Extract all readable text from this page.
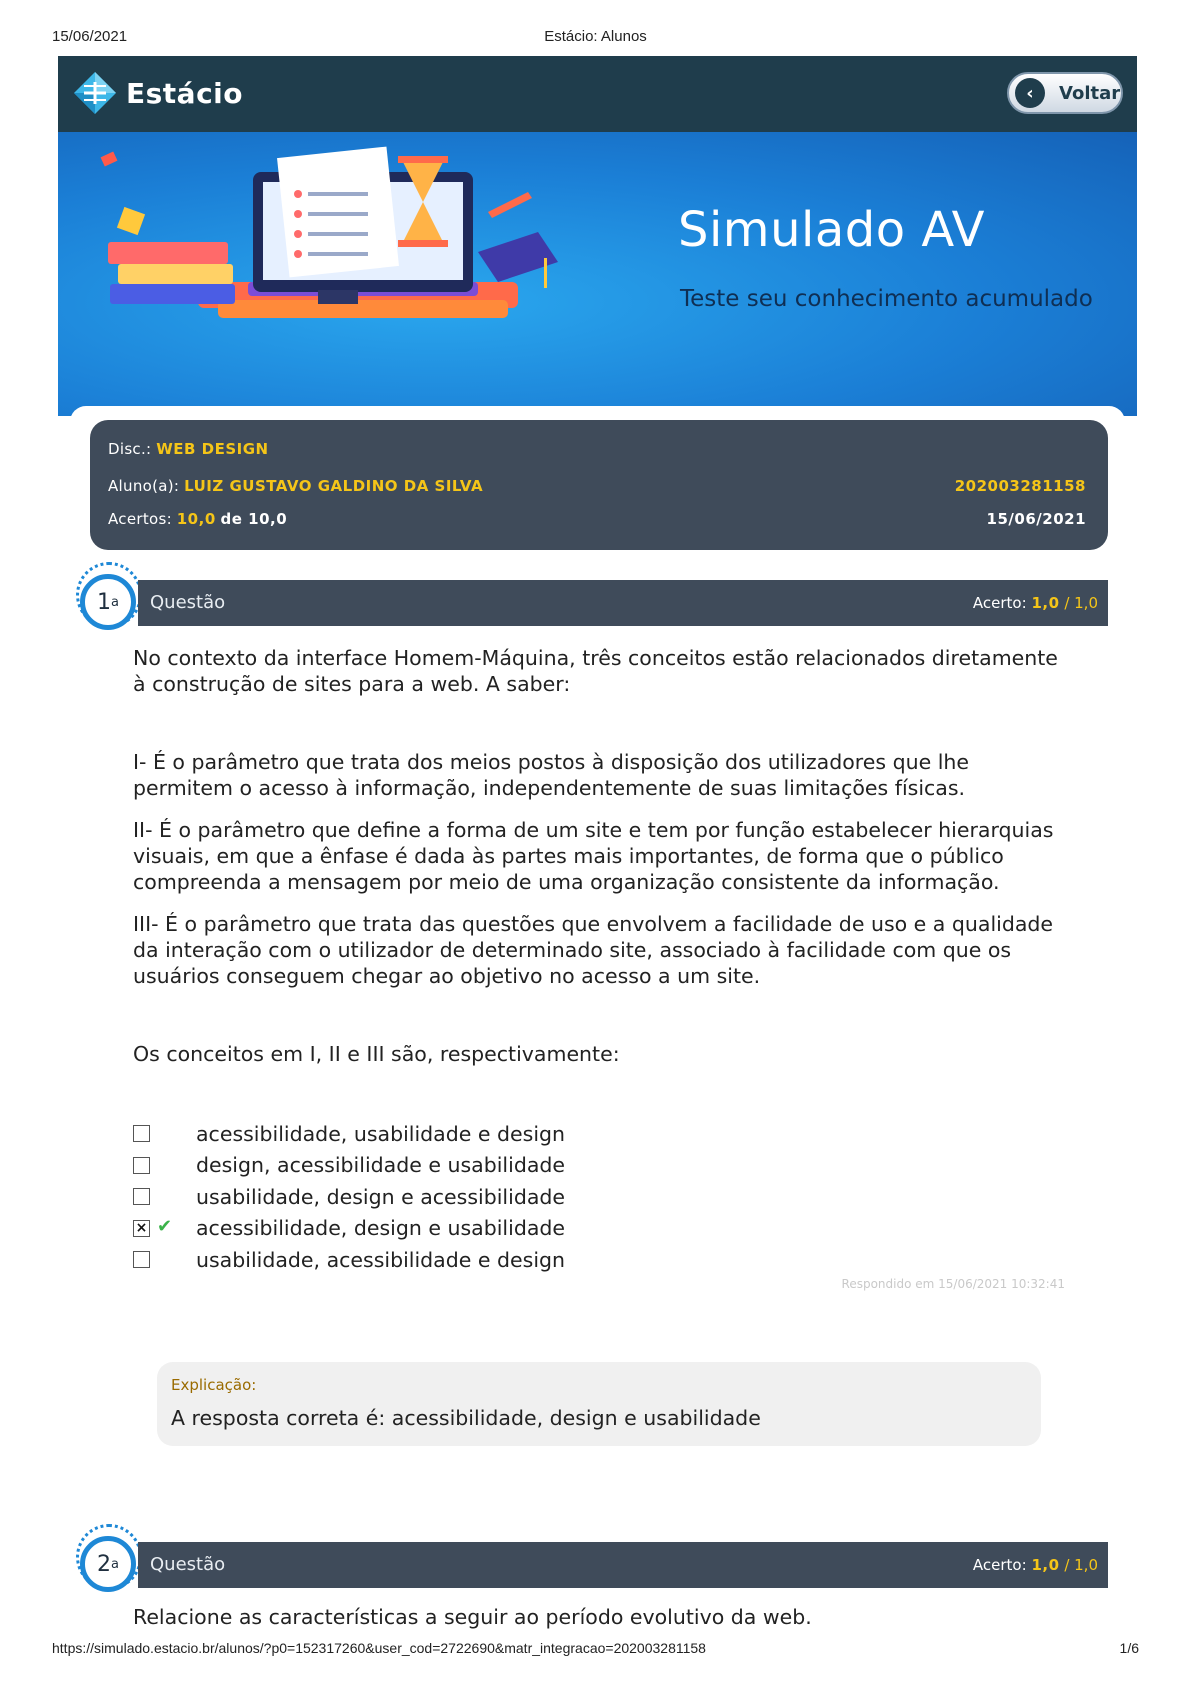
15/06/2021	Estácio: Alunos
Estácio	‹	Voltar
Simulado AV
Teste seu conhecimento acumulado
Disc.: WEB DESIGN
Aluno(a): LUIZ GUSTAVO GALDINO DA SILVA	202003281158
Acertos: 10,0 de 10,0	15/06/2021
Questão	Acerto: 1,0 / 1,0
1 a

No contexto da interface Homem-Máquina, três conceitos estão relacionados diretamente à construção de sites para a web. A saber:

I- É o parâmetro que trata dos meios postos à disposição dos utilizadores que lhe permitem o acesso à informação, independentemente de suas limitações físicas.

II- É o parâmetro que define a forma de um site e tem por função estabelecer hierarquias visuais, em que a ênfase é dada às partes mais importantes, de forma que o público compreenda a mensagem por meio de uma organização consistente da informação.

III- É o parâmetro que trata das questões que envolvem a facilidade de uso e a qualidade da interação com o utilizador de determinado site, associado à facilidade com que os usuários conseguem chegar ao objetivo no acesso a um site.

Os conceitos em I, II e III são, respectivamente:

acessibilidade, usabilidade e design
design, acessibilidade e usabilidade
usabilidade, design e acessibilidade
× ✔ acessibilidade, design e usabilidade
usabilidade, acessibilidade e design
Respondido em 15/06/2021 10:32:41
Explicação:
A resposta correta é: acessibilidade, design e usabilidade
Questão	Acerto: 1,0 / 1,0
2 a

Relacione as características a seguir ao período evolutivo da web.

https://simulado.estacio.br/alunos/?p0=152317260&user_cod=2722690&matr_integracao=202003281158	1/6
